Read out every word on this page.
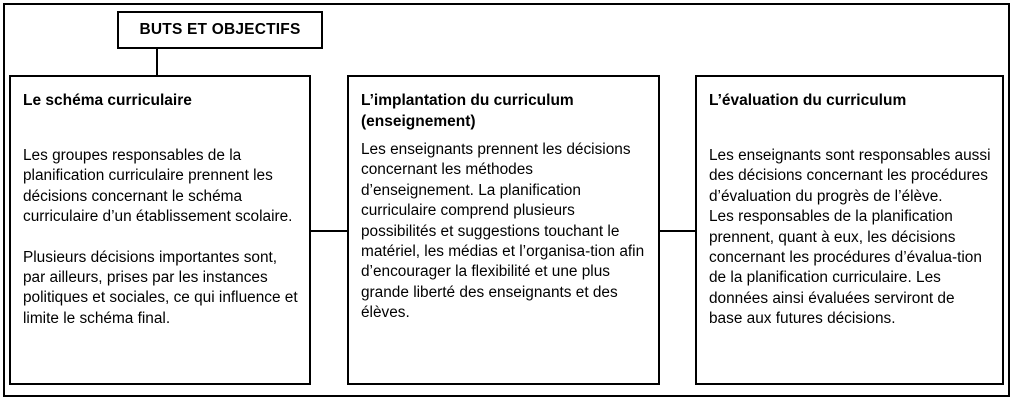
BUTS ET OBJECTIFS
Le schéma curriculaire

Les groupes responsables de la planification curriculaire prennent les décisions concernant le schéma curriculaire d’un établissement scolaire.

Plusieurs décisions importantes sont, par ailleurs, prises par les instances politiques et sociales, ce qui influence et limite le schéma final.

L’implantation du curriculum (enseignement)

Les enseignants prennent les décisions concernant les méthodes d’enseignement. La planification curriculaire comprend plusieurs possibilités et suggestions touchant le matériel, les médias et l’organisa-tion afin d’encourager la flexibilité et une plus grande liberté des enseignants et des élèves.

L’évaluation du curriculum

Les enseignants sont responsables aussi des décisions concernant les procédures d’évaluation du progrès de l’élève.

Les responsables de la planification prennent, quant à eux, les décisions concernant les procédures d’évalua-tion de la planification curriculaire. Les données ainsi évaluées serviront de base aux futures décisions.
